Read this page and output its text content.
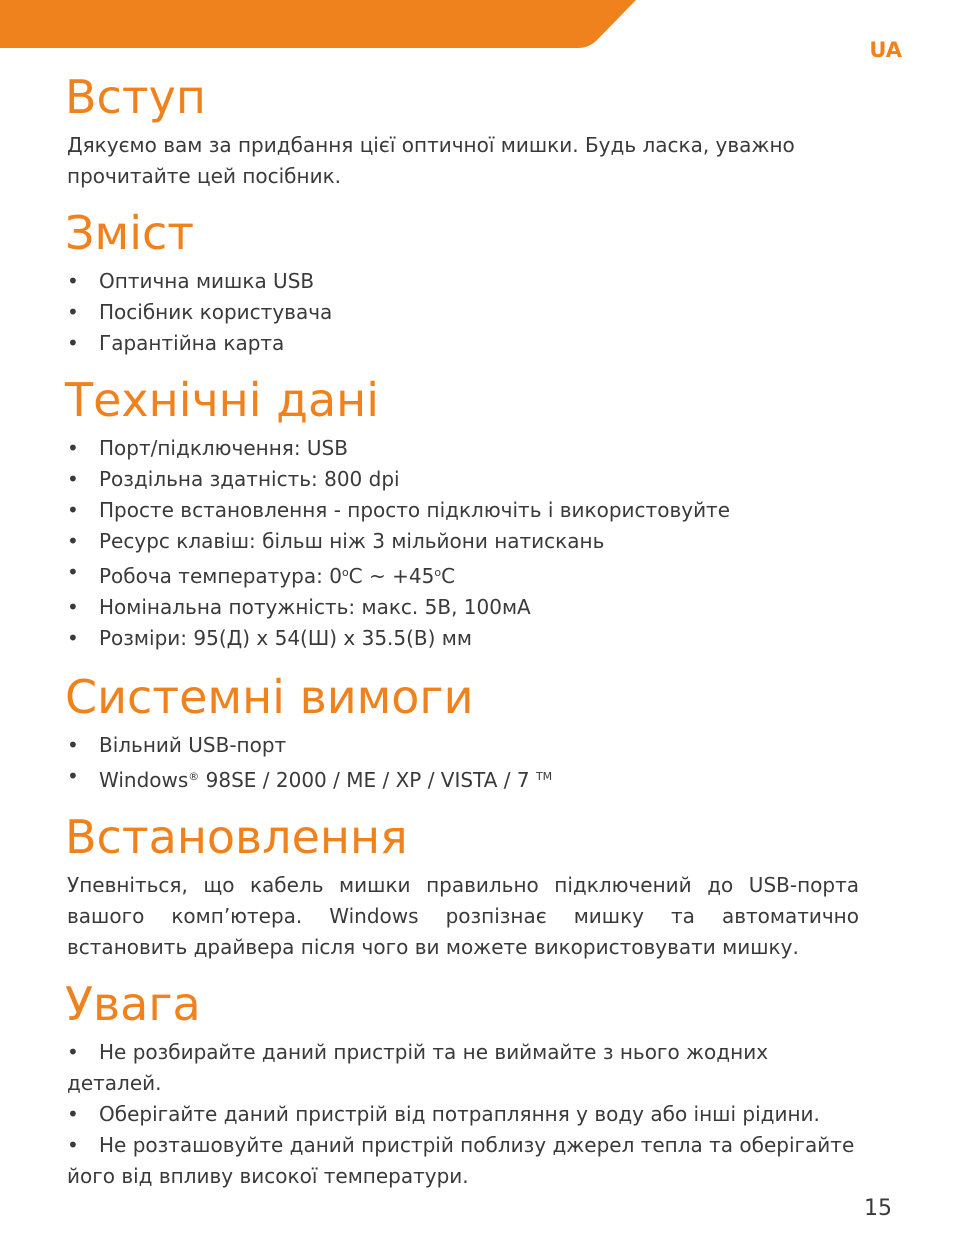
UA
Вступ

Дякуємо вам за придбання цієї оптичної мишки. Будь ласка, уважно прочитайте цей посібник.

Зміст
• Оптична мишка USB
• Посібник користувача
• Гарантійна карта
Технічні дані
• Порт/підключення: USB
• Роздільна здатність: 800 dpi
• Просте встановлення - просто підключіть і використовуйте
• Ресурс клавіш: більш ніж 3 мільйони натискань
• Робоча температура: 0$^o$C ~ $+45^oC$
• Номінальна потужність: макс. 5В, 100мА
• Розміри: 95(Д) х 54(Ш) х 35.5(В) мм
Системні вимоги
• Вільний USB-порт
• Windows® 98SE / 2000 / ME / XP / VISTA / 7 ™
Встановлення

Упевніться, що кабель мишки правильно підключений до USB-порта вашого комп’ютера. Windows розпізнає мишку та автоматично встановить драйвера після чого ви можете використовувати мишку.

Увага
• Не розбирайте даний пристрій та не виймайте з нього жодних деталей.
• Оберігайте даний пристрій від потрапляння у воду або інші рідини.
• Не розташовуйте даний пристрій поблизу джерел тепла та оберігайте його від впливу високої температури.
15
